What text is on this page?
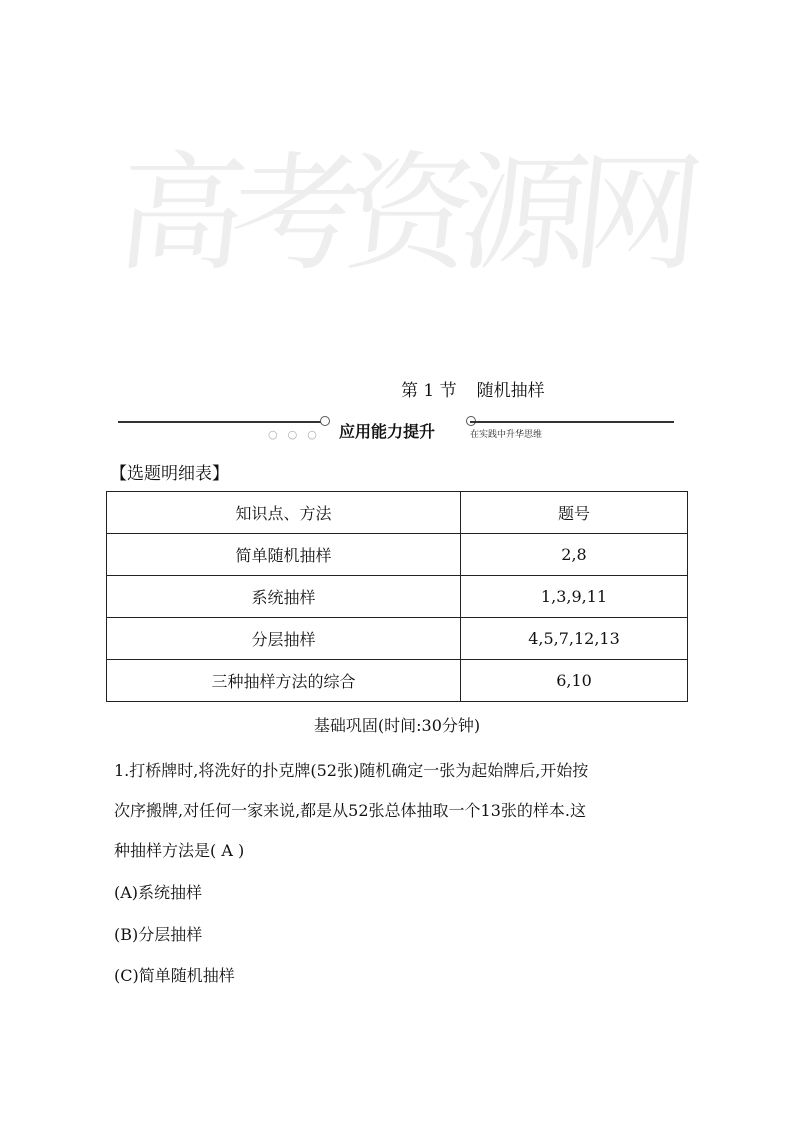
高考资源网
第 1 节 随机抽样
○○○ 应用能力提升	在实践中升华思维
【选题明细表】
知识点、方法	题号
简单随机抽样	2,8
系统抽样	1,3,9,11
分层抽样	4,5,7,12,13
三种抽样方法的综合	6,10
基础巩固(时间:30分钟)

1.打桥牌时,将洗好的扑克牌(52张)随机确定一张为起始牌后,开始按

次序搬牌,对任何一家来说,都是从52张总体抽取一个13张的样本.这

种抽样方法是( A )

(A)系统抽样
(B)分层抽样
(C)简单随机抽样
